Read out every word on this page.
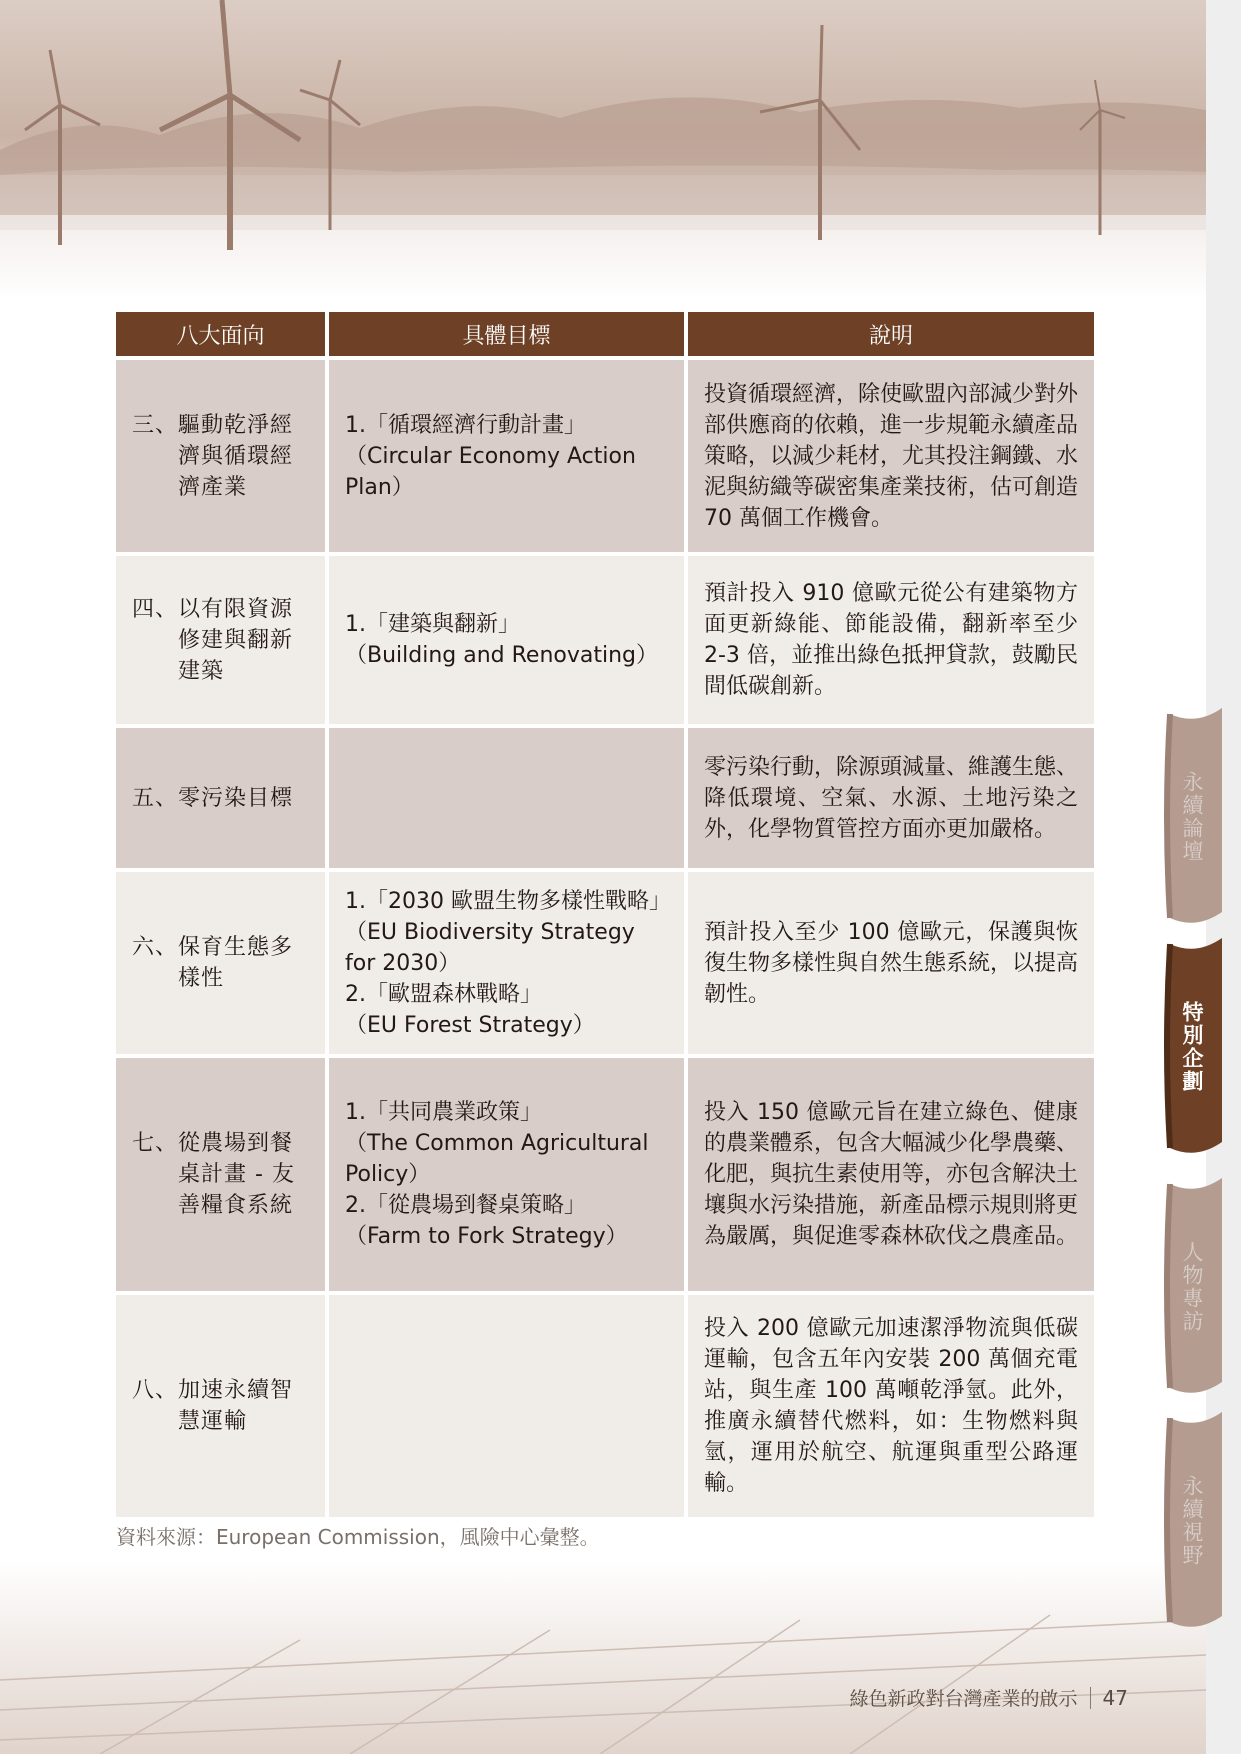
八大面向	具體目標	說明

三、 驅動乾淨經濟與循環經濟產業	1.「循環經濟行動計畫」
（Circular Economy Action Plan）	投資循環經濟，除使歐盟內部減少對外部供應商的依賴，進一步規範永續產品策略，以減少耗材，尤其投注鋼鐵、水泥與紡織等碳密集產業技術，估可創造 70 萬個工作機會。

四、 以有限資源修建與翻新建築	1.「建築與翻新」
（Building and Renovating）	預計投入 910 億歐元從公有建築物方面更新綠能、節能設備，翻新率至少 2-3 倍，並推出綠色抵押貸款，鼓勵民間低碳創新。

五、 零污染目標		零污染行動，除源頭減量、維護生態、降低環境、空氣、水源、土地污染之外，化學物質管控方面亦更加嚴格。

六、 保育生態多樣性	1.「2030 歐盟生物多樣性戰略」
（EU Biodiversity Strategy for 2030）
2.「歐盟森林戰略」
（EU Forest Strategy）	預計投入至少 100 億歐元，保護與恢復生物多樣性與自然生態系統，以提高韌性。

七、 從農場到餐桌計畫 - 友善糧食系統	1.「共同農業政策」
（The Common Agricultural Policy）
2.「從農場到餐桌策略」
（Farm to Fork Strategy）	投入 150 億歐元旨在建立綠色、健康的農業體系，包含大幅減少化學農藥、化肥，與抗生素使用等，亦包含解決土壤與水污染措施，新產品標示規則將更為嚴厲，與促進零森林砍伐之農產品。

八、 加速永續智慧運輸		投入 200 億歐元加速潔淨物流與低碳運輸，包含五年內安裝 200 萬個充電站，與生產 100 萬噸乾淨氫。此外，推廣永續替代燃料，如：生物燃料與氫，運用於航空、航運與重型公路運輸。
資料來源：European Commission，風險中心彙整。
綠色新政對台灣產業的啟示 47
永續論壇
特別企劃
人物專訪
永續視野
